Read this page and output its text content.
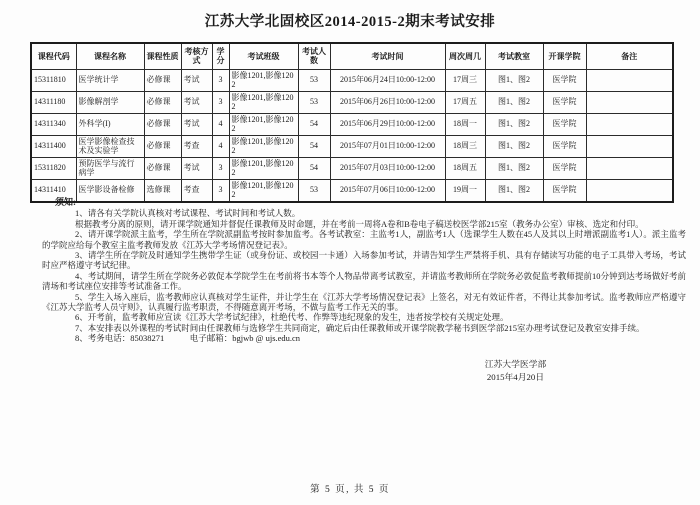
江苏大学北固校区2014-2015-2期末考试安排
课程代码	课程名称	课程性质	考核方式	学分	考试班级	考试人数	考试时间	周次周几	考试教室	开课学院	备注
15311810	医学统计学	必修课	考试	3	影像1201,影像1202	53	2015年06月24日10:00-12:00	17周三	图1、图2	医学院	
14311180	影像解剖学	必修课	考试	3	影像1201,影像1202	53	2015年06月26日10:00-12:00	17周五	图1、图2	医学院	
14311340	外科学(I)	必修课	考试	4	影像1201,影像1202	54	2015年06月29日10:00-12:00	18周一	图1、图2	医学院	
14311400	医学影像检查技术及实验学	必修课	考查	4	影像1201,影像1202	54	2015年07月01日10:00-12:00	18周三	图1、图2	医学院	
15311820	预防医学与流行病学	必修课	考试	3	影像1201,影像1202	54	2015年07月03日10:00-12:00	18周五	图1、图2	医学院	
14311410	医学影设备检修	选修课	考查	3	影像1201,影像1202	53	2015年07月06日10:00-12:00	19周一	图1、图2	医学院	
须知:

1、请各有关学院认真核对考试课程、考试时间和考试人数。

根据教考分离的原则，请开课学院通知并督促任课教师及时命题，并在考前一周将A卷和B卷电子稿送校医学部215室（教务办公室）审核、选定和付印。

2、请开课学院派主监考，学生所在学院派副监考按时参加监考。各考试教室：主监考1人，副监考1人（选课学生人数在45人及其以上时增派副监考1人）。派主监考的学院应给每个教室主监考教师发放《江苏大学考场情况登记表》。

3、请学生所在学院及时通知学生携带学生证（或身份证、或校园一卡通）入场参加考试，并请告知学生严禁将手机、具有存储读写功能的电子工具带入考场，考试时应严格遵守考试纪律。

4、考试期间，请学生所在学院务必敦促本学院学生在考前将书本等个人物品带离考试教室，并请监考教师所在学院务必敦促监考教师提前10分钟到达考场做好考前清场和考试座位安排等考试准备工作。

5、学生入场入座后，监考教师应认真核对学生证件，并让学生在《江苏大学考场情况登记表》上签名，对无有效证件者，不得让其参加考试。监考教师应严格遵守《江苏大学监考人员守则》，认真履行监考职责，不得随意离开考场，不做与监考工作无关的事。

6、开考前，监考教师应宣读《江苏大学考试纪律》，杜绝代考、作弊等违纪现象的发生，违者按学校有关规定处理。

7、本安排表以外课程的考试时间由任课教师与选修学生共同商定，确定后由任课教师或开课学院教学秘书到医学部215室办理考试登记及教室安排手续。

8、考务电话：85038271　　　电子邮箱：bgjwb @ ujs.edu.cn

江苏大学医学部
2015年4月20日
第 5 页, 共 5 页
